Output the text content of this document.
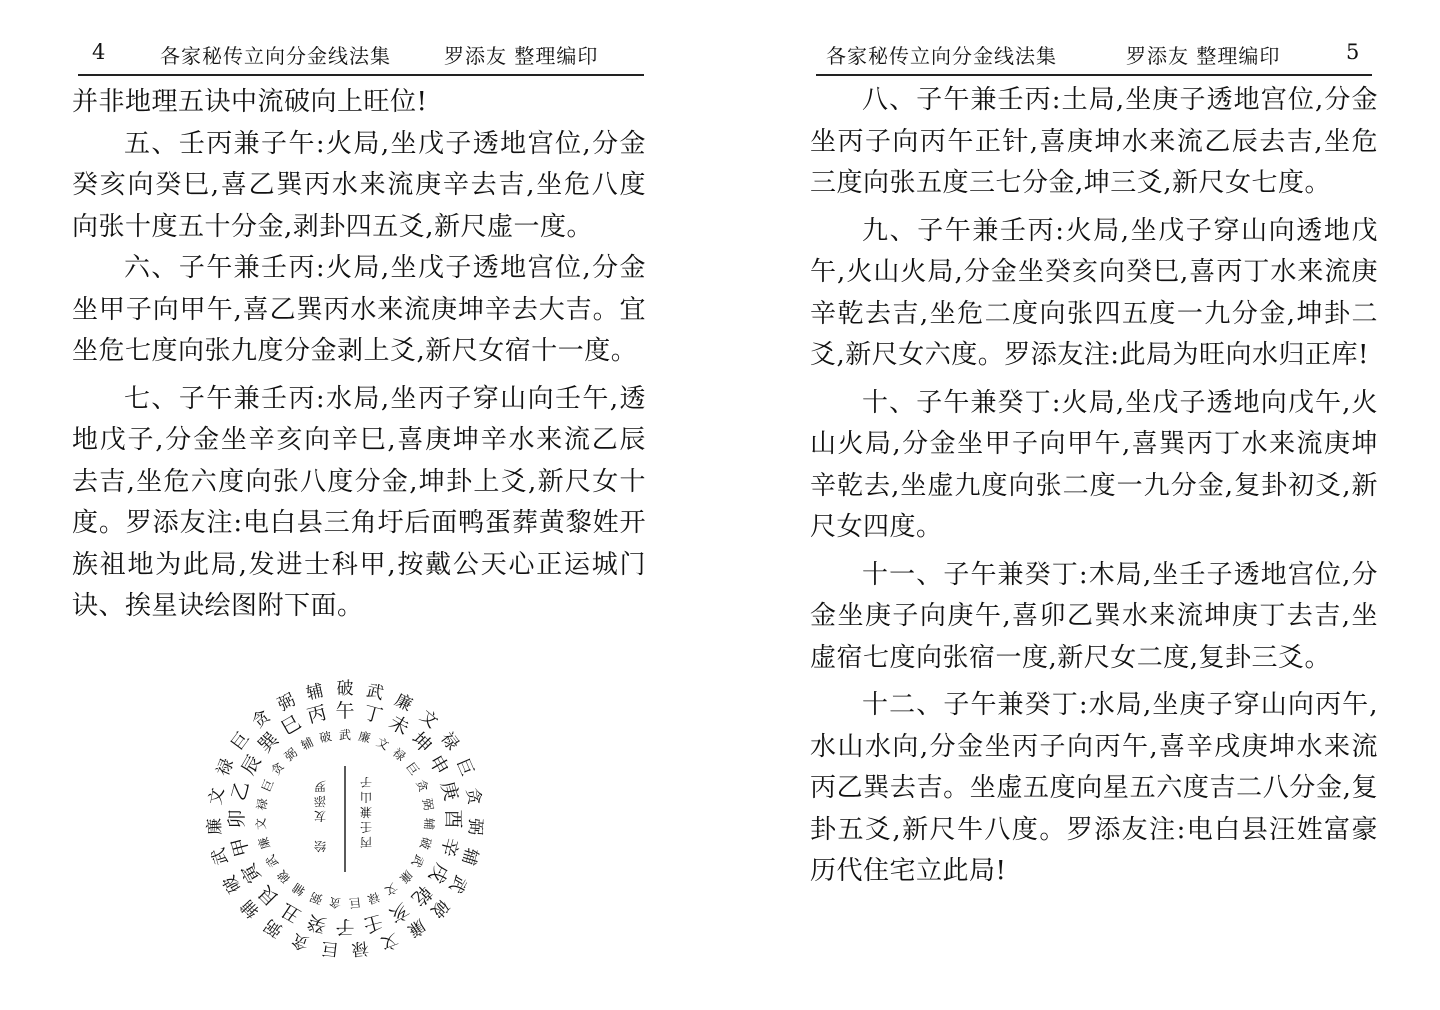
4	各家秘传立向分金线法集	罗添友 整理编印

并非地理五诀中流破向上旺位!

五、壬丙兼子午:火局,坐戊子透地宫位,分金癸亥向癸巳,喜乙巽丙水来流庚辛去吉,坐危八度向张十度五十分金,剥卦四五爻,新尺虚一度。

六、子午兼壬丙:火局,坐戊子透地宫位,分金坐甲子向甲午,喜乙巽丙水来流庚坤辛去大吉。宜坐危七度向张九度分金剥上爻,新尺女宿十一度。

七、子午兼壬丙:水局,坐丙子穿山向壬午,透地戊子,分金坐辛亥向辛巳,喜庚坤辛水来流乙辰去吉,坐危六度向张八度分金,坤卦上爻,新尺女十度。罗添友注:电白县三角圩后面鸭蛋葬黄黎姓开族祖地为此局,发进士科甲,按戴公天心正运城门诀、挨星诀绘图附下面。

破 武 廉
文
禄
巨
贪
弼
辅
武
破
廉
文
禄
巨
贪
弼
辅
破
武
廉
文
禄
巨
贪
弼 辅
午 丁 未
坤
申
庚
酉
辛
戌
乾
亥
壬
子
癸
丑
艮
寅
甲
卯
乙
辰
巽
巳 丙
武 廉 文
禄
巨
贪
弼
辅
破
武
廉
文
禄
巨
贪
弼
辅
破
武
廉
文
禄
巨
贪
弼
辅 破
子
山
兼
壬
丙
罗
添
友
绘
各家秘传立向分金线法集	罗添友 整理编印	5

八、子午兼壬丙:土局,坐庚子透地宫位,分金坐丙子向丙午正针,喜庚坤水来流乙辰去吉,坐危三度向张五度三七分金,坤三爻,新尺女七度。

九、子午兼壬丙:火局,坐戊子穿山向透地戊午,火山火局,分金坐癸亥向癸巳,喜丙丁水来流庚辛乾去吉,坐危二度向张四五度一九分金,坤卦二爻,新尺女六度。罗添友注:此局为旺向水归正库!

十、子午兼癸丁:火局,坐戊子透地向戊午,火山火局,分金坐甲子向甲午,喜巽丙丁水来流庚坤辛乾去,坐虚九度向张二度一九分金,复卦初爻,新尺女四度。

十一、子午兼癸丁:木局,坐壬子透地宫位,分金坐庚子向庚午,喜卯乙巽水来流坤庚丁去吉,坐虚宿七度向张宿一度,新尺女二度,复卦三爻。

十二、子午兼癸丁:水局,坐庚子穿山向丙午,水山水向,分金坐丙子向丙午,喜辛戌庚坤水来流丙乙巽去吉。坐虚五度向星五六度吉二八分金,复卦五爻,新尺牛八度。罗添友注:电白县汪姓富豪历代住宅立此局!
